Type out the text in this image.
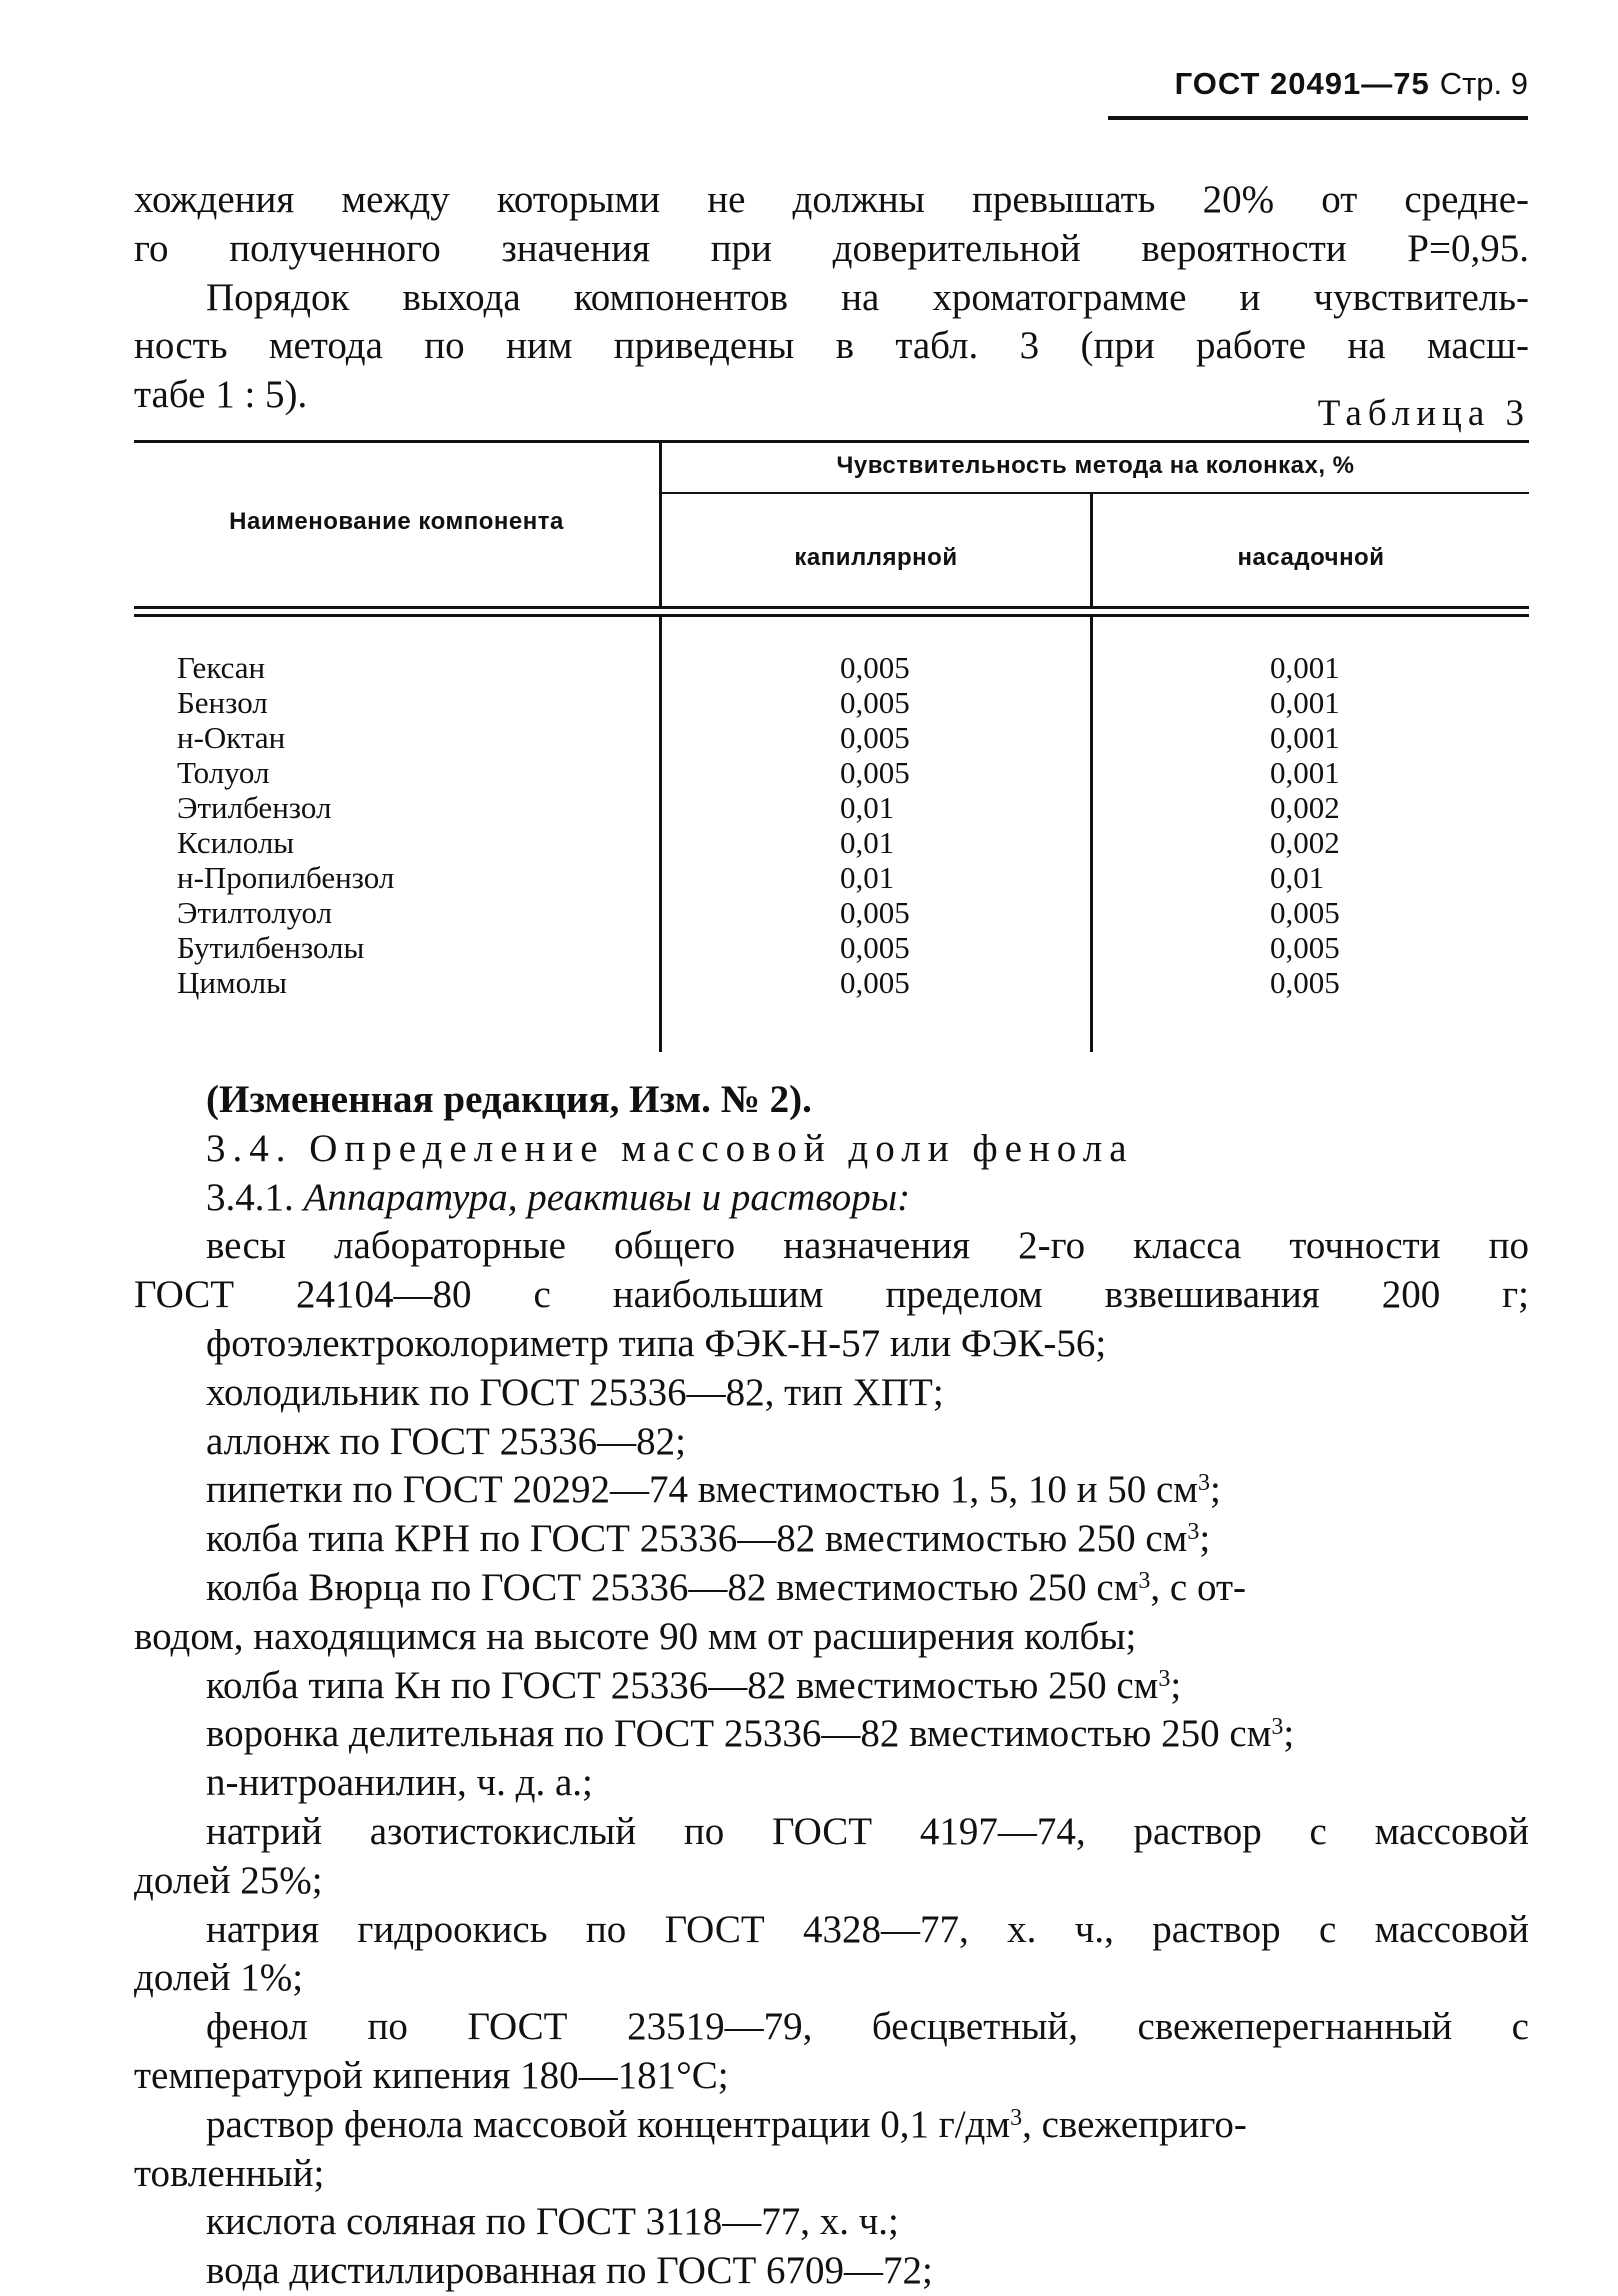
ГОСТ 20491—75 Стр. 9
хождения между которыми не должны превышать 20% от средне-
го полученного значения при доверительной вероятности Р=0,95.
Порядок выхода компонентов на хроматограмме и чувствитель-
ность метода по ним приведены в табл. 3 (при работе на масш-
табе 1 : 5).	Таблица 3
Наименование компонента
Чувствительность метода на колонках, %
капиллярной	насадочной
Гексан
Бензол
н-Октан
Толуол
Этилбензол
Ксилолы
н-Пропилбензол
Этилтолуол
Бутилбензолы
Цимолы
0,005
0,005
0,005
0,005
0,01
0,01
0,01
0,005
0,005
0,005
0,001
0,001
0,001
0,001
0,002
0,002
0,01
0,005
0,005
0,005
(Измененная редакция, Изм. № 2).
3.4. Определение массовой доли фенола
3.4.1. Аппаратура, реактивы и растворы:
весы лабораторные общего назначения 2-го класса точности по
ГОСТ 24104—80 с наибольшим пределом взвешивания 200 г;
фотоэлектроколориметр типа ФЭК-Н-57 или ФЭК-56;
холодильник по ГОСТ 25336—82, тип ХПТ;
аллонж по ГОСТ 25336—82;
пипетки по ГОСТ 20292—74 вместимостью 1, 5, 10 и 50 $см^3$;
колба типа КРН по ГОСТ 25336—82 вместимостью 250 $см^3$;
колба Вюрца по ГОСТ 25336—82 вместимостью 250 $см^3$, с от-
водом, находящимся на высоте 90 мм от расширения колбы;
колба типа Кн по ГОСТ 25336—82 вместимостью 250 $см^3$;
воронка делительная по ГОСТ 25336—82 вместимостью 250 $см^3$;
n-нитроанилин, ч. д. а.;
натрий азотистокислый по ГОСТ 4197—74, раствор с массовой
долей 25%;
натрия гидроокись по ГОСТ 4328—77, х. ч., раствор с массовой
долей 1%;
фенол по ГОСТ 23519—79, бесцветный, свежеперегнанный с
температурой кипения 180—181°С;
раствор фенола массовой концентрации 0,1 $г/дм^3$, свежеприго-
товленный;
кислота соляная по ГОСТ 3118—77, х. ч.;
вода дистиллированная по ГОСТ 6709—72;
